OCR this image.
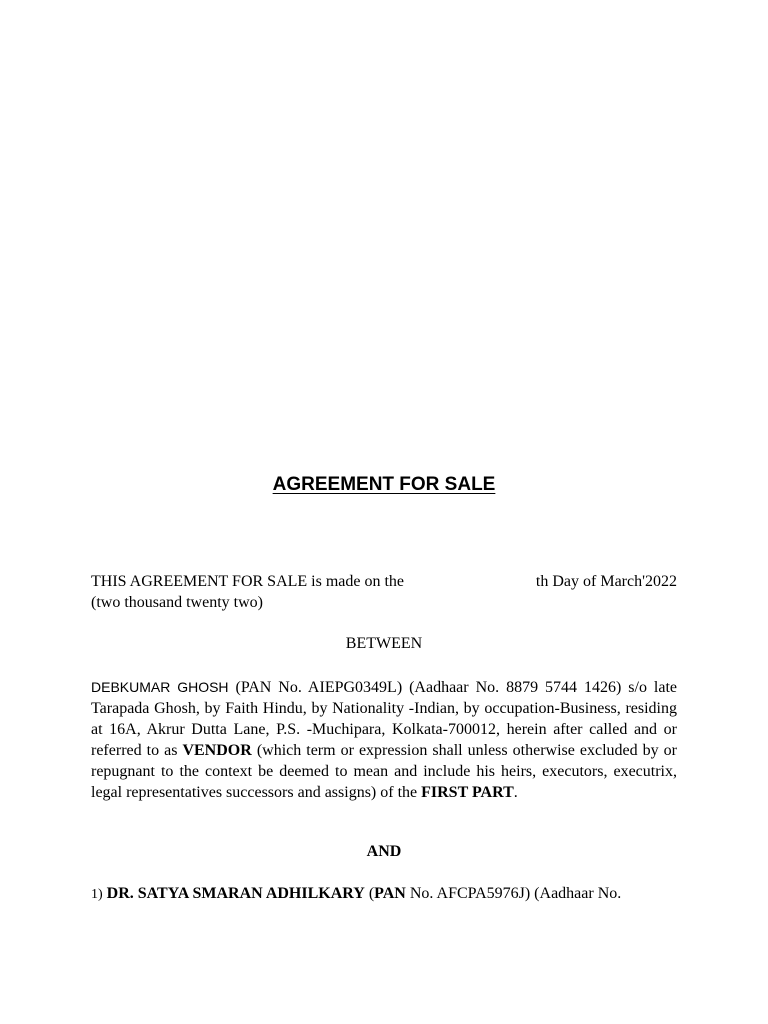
AGREEMENT FOR SALE
THIS AGREEMENT FOR SALE is made on the	th Day of March'2022
(two thousand twenty two)

BETWEEN

DEBKUMAR GHOSH (PAN No. AIEPG0349L) (Aadhaar No. 8879 5744 1426) s/o late Tarapada Ghosh, by Faith Hindu, by Nationality -Indian, by occupation-Business, residing at 16A, Akrur Dutta Lane, P.S. -Muchipara, Kolkata-700012, herein after called and or referred to as VENDOR (which term or expression shall unless otherwise excluded by or repugnant to the context be deemed to mean and include his heirs, executors, executrix, legal representatives successors and assigns) of the FIRST PART.

AND

1) DR. SATYA SMARAN ADHILKARY (PAN No. AFCPA5976J) (Aadhaar No.
